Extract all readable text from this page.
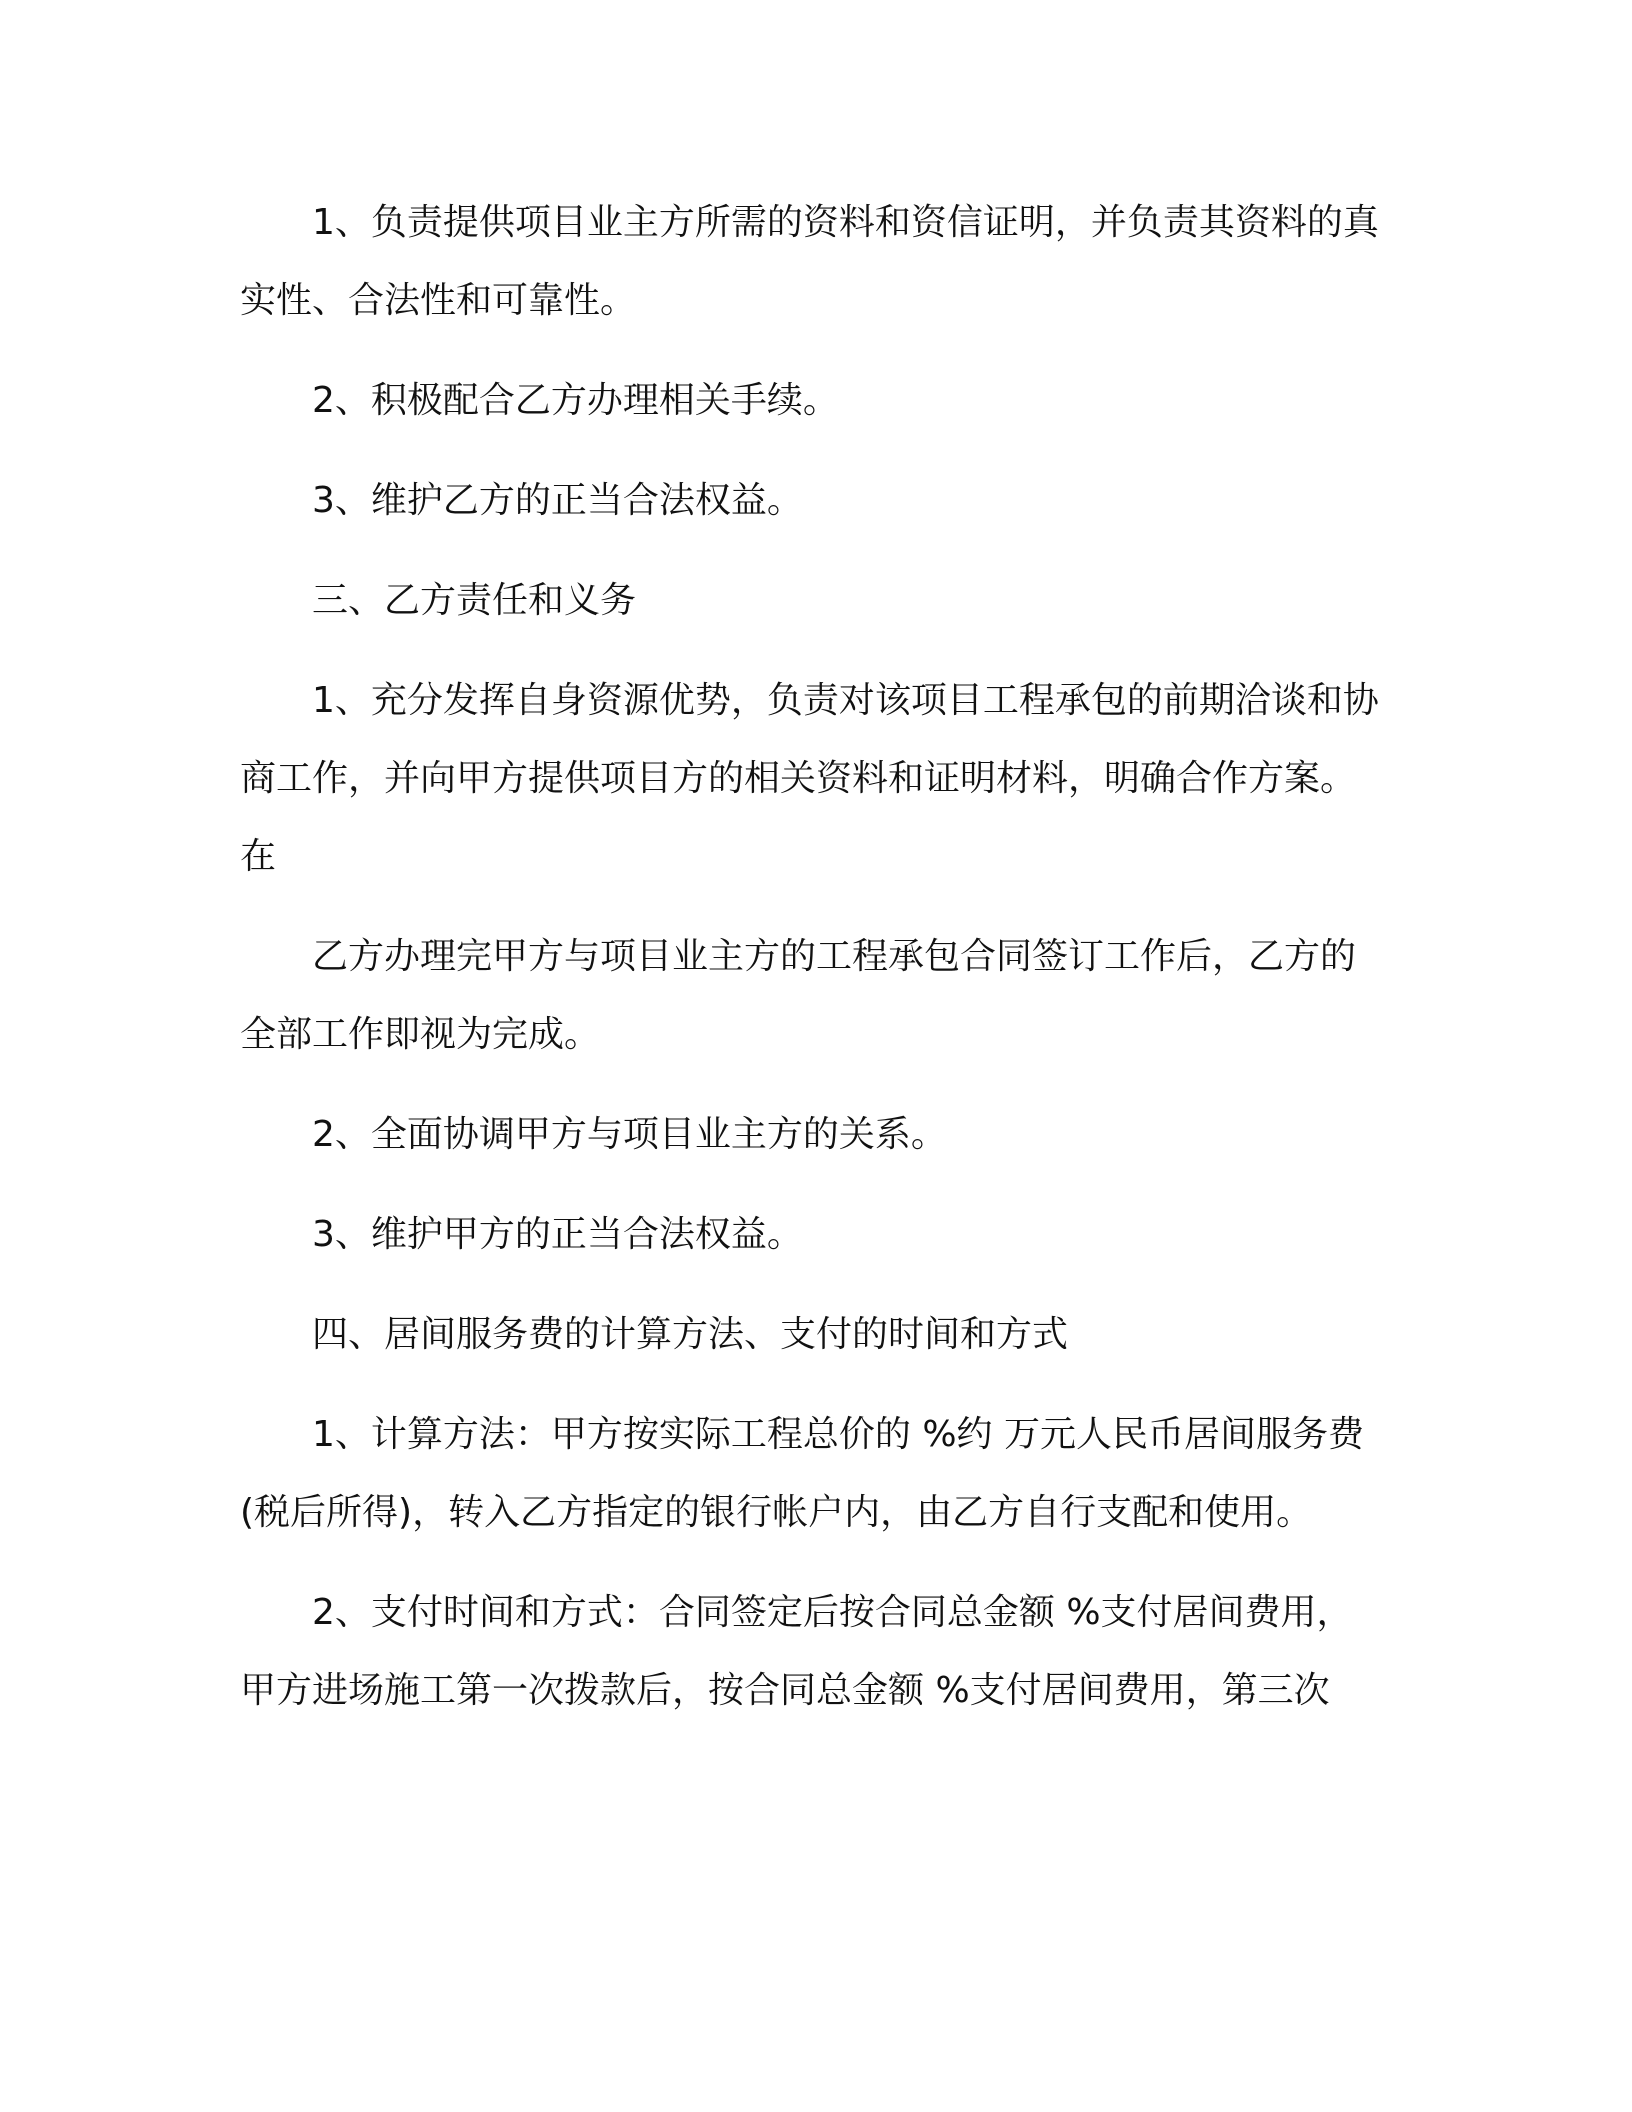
1、负责提供项目业主方所需的资料和资信证明，并负责其资料的真实性、合法性和可靠性。

2、积极配合乙方办理相关手续。

3、维护乙方的正当合法权益。

三、乙方责任和义务

1、充分发挥自身资源优势，负责对该项目工程承包的前期洽谈和协商工作，并向甲方提供项目方的相关资料和证明材料，明确合作方案。在

乙方办理完甲方与项目业主方的工程承包合同签订工作后，乙方的全部工作即视为完成。

2、全面协调甲方与项目业主方的关系。

3、维护甲方的正当合法权益。

四、居间服务费的计算方法、支付的时间和方式

1、计算方法：甲方按实际工程总价的 %约 万元人民币居间服务费(税后所得)，转入乙方指定的银行帐户内，由乙方自行支配和使用。

2、支付时间和方式：合同签定后按合同总金额 %支付居间费用，甲方进场施工第一次拨款后，按合同总金额 %支付居间费用，第三次
